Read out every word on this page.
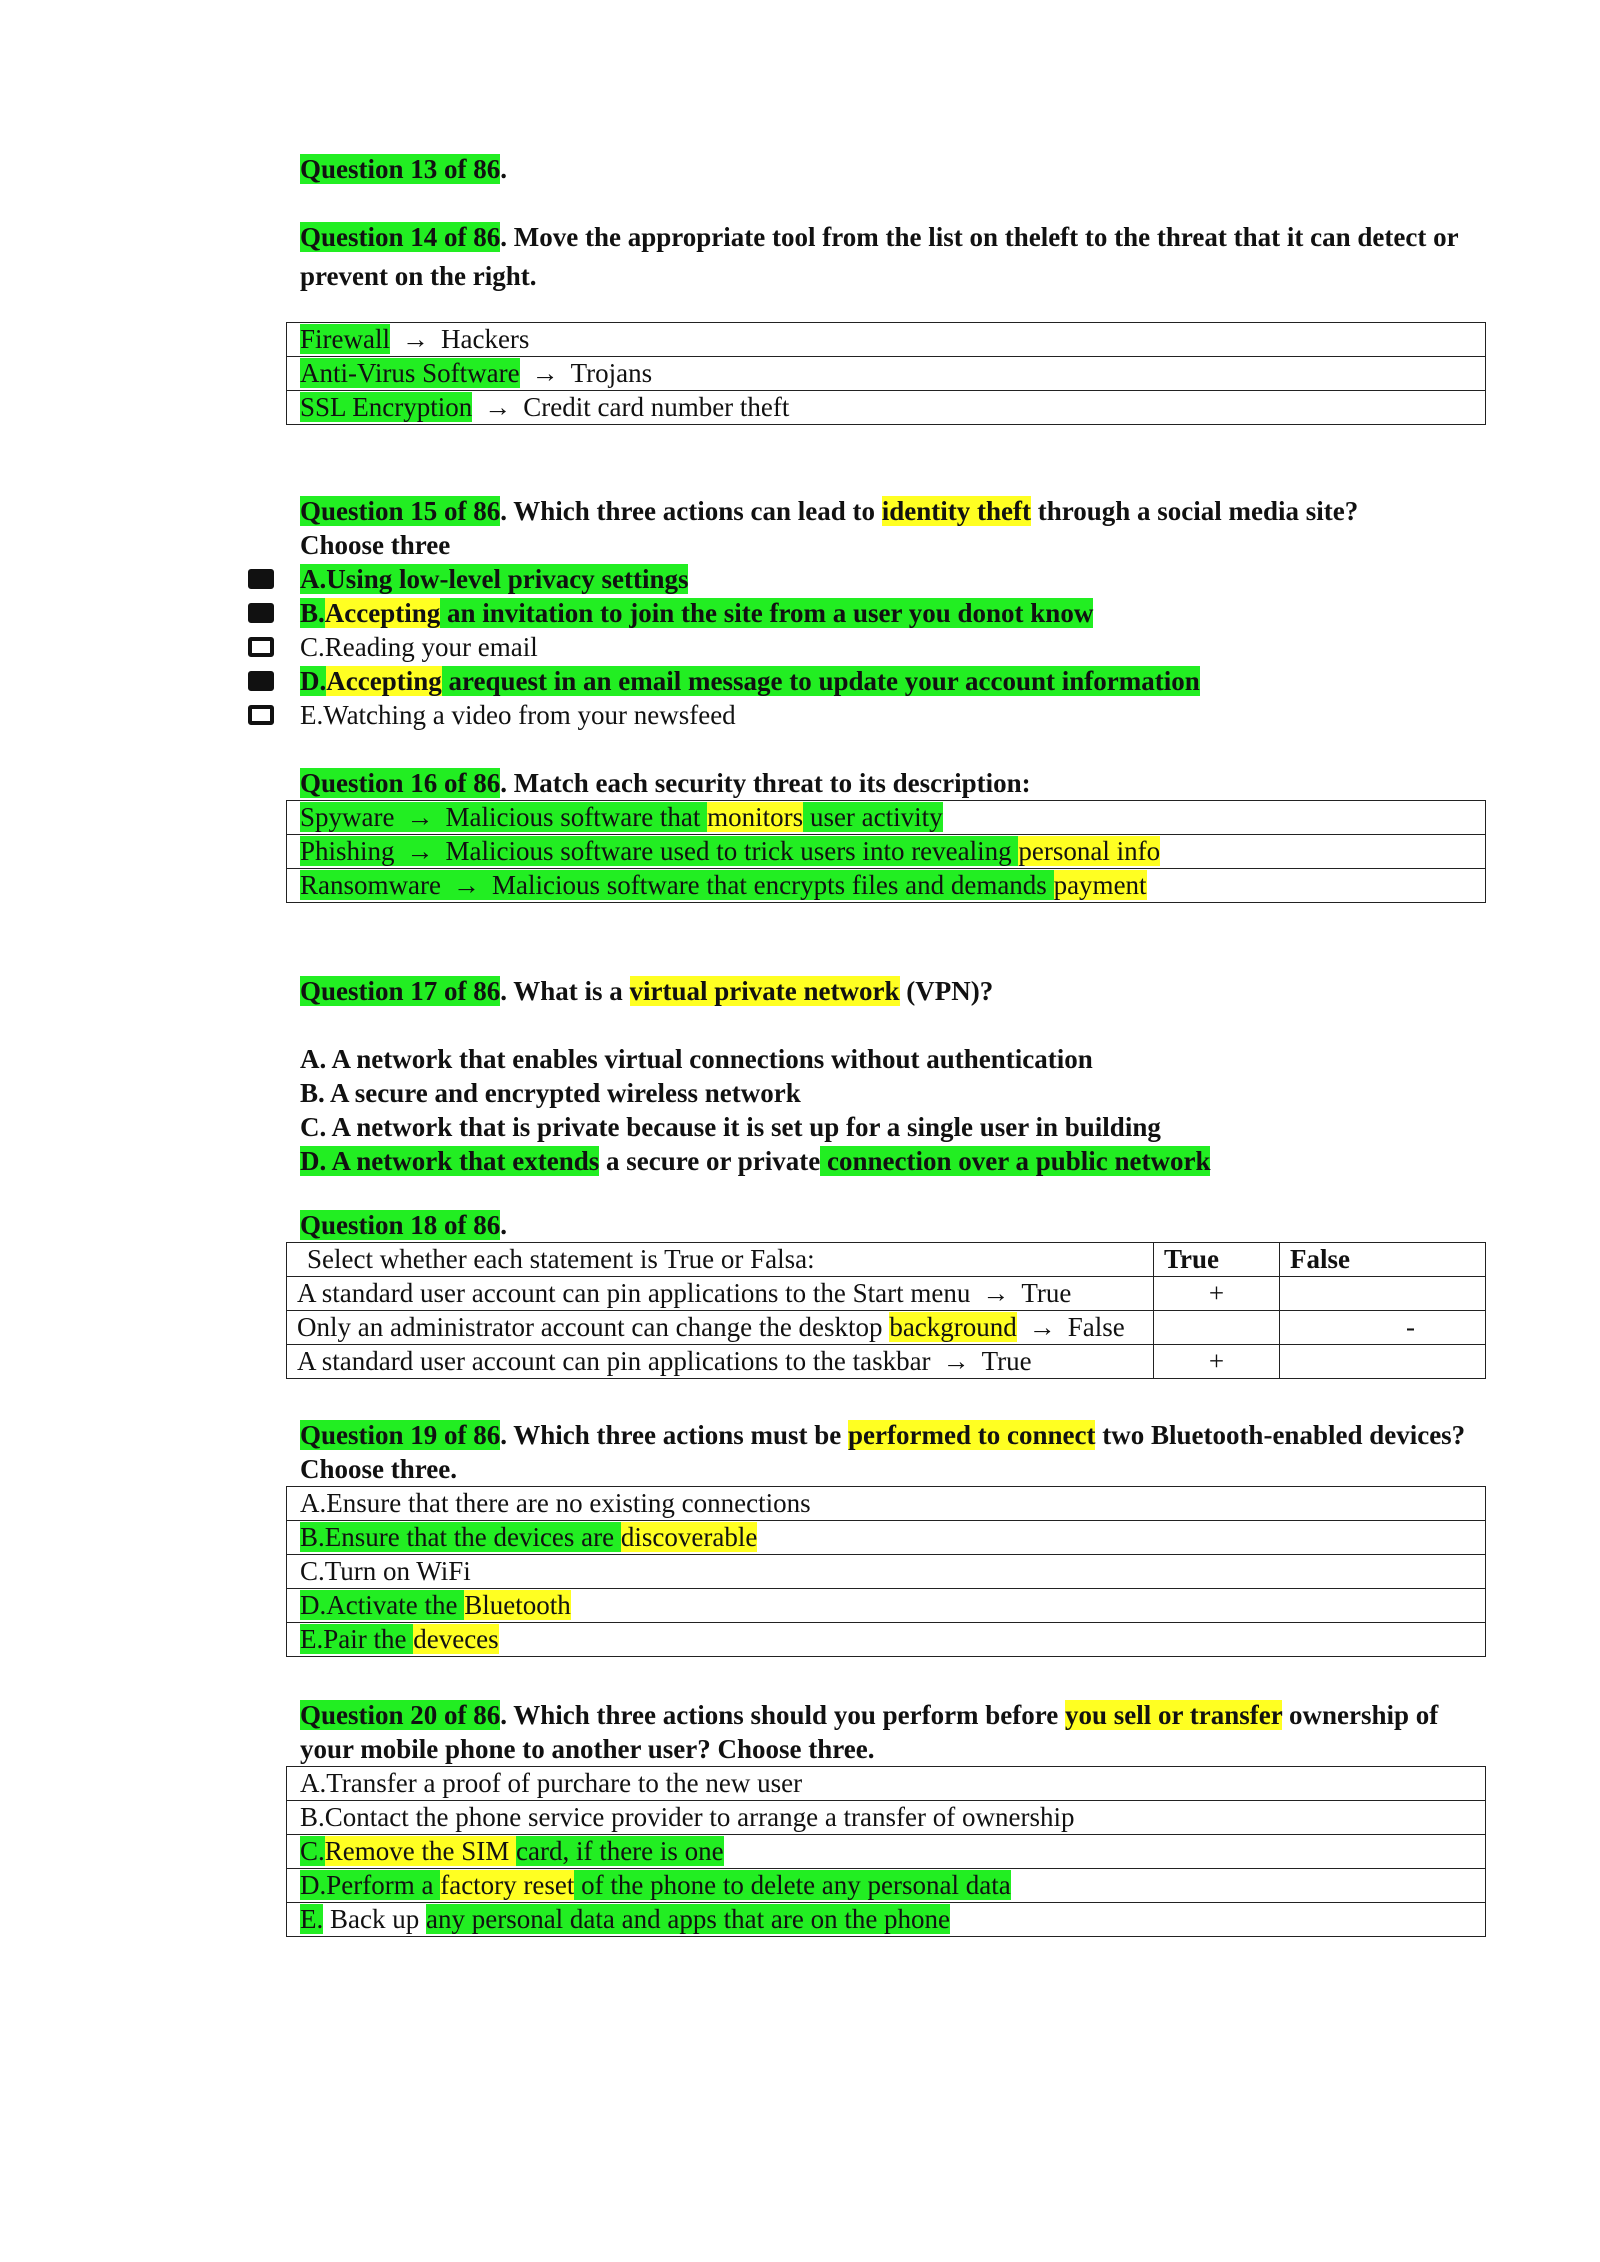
Question 13 of 86.

Question 14 of 86. Move the appropriate tool from the list on theleft to the threat that it can detect or prevent on the right.

Firewall → Hackers
Anti-Virus Software → Trojans
SSL Encryption → Credit card number theft

Question 15 of 86. Which three actions can lead to identity theft through a social media site?

Choose three

A.Using low-level privacy settings
B.Accepting an invitation to join the site from a user you donot know
C.Reading your email
D.Accepting arequest in an email message to update your account information
E.Watching a video from your newsfeed

Question 16 of 86. Match each security threat to its description:

Spyware → Malicious software that monitors user activity
Phishing → Malicious software used to trick users into revealing personal info
Ransomware → Malicious software that encrypts files and demands payment

Question 17 of 86. What is a virtual private network (VPN)?

A. A network that enables virtual connections without authentication

B. A secure and encrypted wireless network

C. A network that is private because it is set up for a single user in building

D. A network that extends a secure or private connection over a public network

Question 18 of 86.

Select whether each statement is True or Falsa:	True	False
A standard user account can pin applications to the Start menu → True	+	
Only an administrator account can change the desktop background → False		-
A standard user account can pin applications to the taskbar → True	+	

Question 19 of 86. Which three actions must be performed to connect two Bluetooth-enabled devices? Choose three.

A.Ensure that there are no existing connections
B.Ensure that the devices are discoverable
C.Turn on WiFi
D.Activate the Bluetooth
E.Pair the deveces

Question 20 of 86. Which three actions should you perform before you sell or transfer ownership of your mobile phone to another user? Choose three.

A.Transfer a proof of purchare to the new user
B.Contact the phone service provider to arrange a transfer of ownership
C.Remove the SIM card, if there is one
D.Perform a factory reset of the phone to delete any personal data
E. Back up any personal data and apps that are on the phone
